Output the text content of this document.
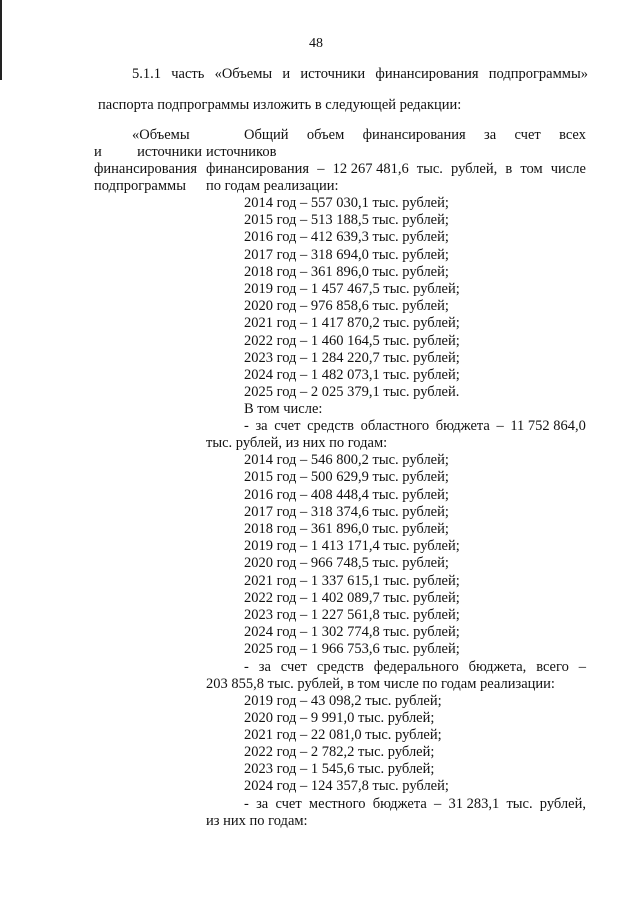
48
5.1.1 часть «Объемы и источники финансирования подпрограммы»
паспорта подпрограммы изложить в следующей редакции:
«Объемы
и источники
финансирования
подпрограммы
Общий объем финансирования за счет всех
источников
финансирования – 12 267 481,6 тыс. рублей, в том числе
по годам реализации:
2014 год – 557 030,1 тыс. рублей;
2015 год – 513 188,5 тыс. рублей;
2016 год – 412 639,3 тыс. рублей;
2017 год – 318 694,0 тыс. рублей;
2018 год – 361 896,0 тыс. рублей;
2019 год – 1 457 467,5 тыс. рублей;
2020 год – 976 858,6 тыс. рублей;
2021 год – 1 417 870,2 тыс. рублей;
2022 год – 1 460 164,5 тыс. рублей;
2023 год – 1 284 220,7 тыс. рублей;
2024 год – 1 482 073,1 тыс. рублей;
2025 год – 2 025 379,1 тыс. рублей.
В том числе:
- за счет средств областного бюджета – 11 752 864,0
тыс. рублей, из них по годам:
2014 год – 546 800,2 тыс. рублей;
2015 год – 500 629,9 тыс. рублей;
2016 год – 408 448,4 тыс. рублей;
2017 год – 318 374,6 тыс. рублей;
2018 год – 361 896,0 тыс. рублей;
2019 год – 1 413 171,4 тыс. рублей;
2020 год – 966 748,5 тыс. рублей;
2021 год – 1 337 615,1 тыс. рублей;
2022 год – 1 402 089,7 тыс. рублей;
2023 год – 1 227 561,8 тыс. рублей;
2024 год – 1 302 774,8 тыс. рублей;
2025 год – 1 966 753,6 тыс. рублей;
- за счет средств федерального бюджета, всего –
203 855,8 тыс. рублей, в том числе по годам реализации:
2019 год – 43 098,2 тыс. рублей;
2020 год – 9 991,0 тыс. рублей;
2021 год – 22 081,0 тыс. рублей;
2022 год – 2 782,2 тыс. рублей;
2023 год – 1 545,6 тыс. рублей;
2024 год – 124 357,8 тыс. рублей;
- за счет местного бюджета – 31 283,1 тыс. рублей,
из них по годам:
